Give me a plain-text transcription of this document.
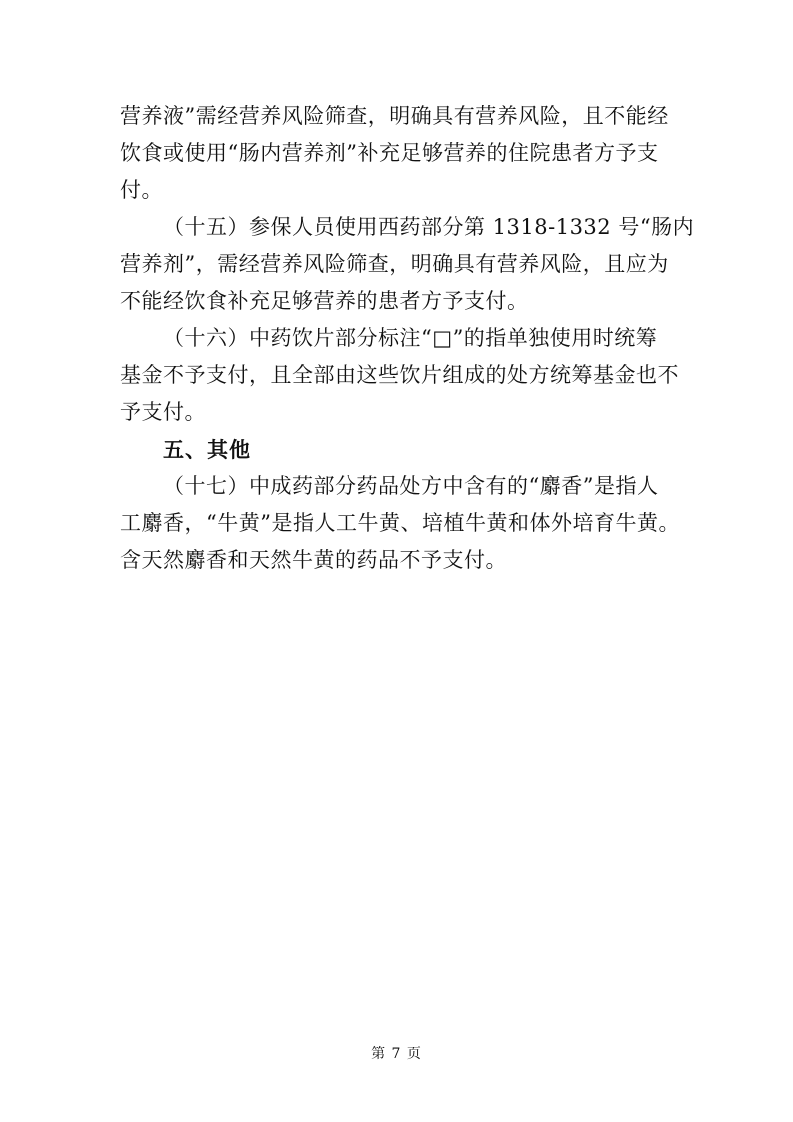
营养液”需经营养风险筛查，明确具有营养风险，且不能经
饮食或使用“肠内营养剂”补充足够营养的住院患者方予支
付。

（十五）参保人员使用西药部分第 1318-1332 号“肠内
营养剂”，需经营养风险筛查，明确具有营养风险，且应为
不能经饮食补充足够营养的患者方予支付。

（十六）中药饮片部分标注“□”的指单独使用时统筹
基金不予支付，且全部由这些饮片组成的处方统筹基金也不
予支付。

五、其他

（十七）中成药部分药品处方中含有的“麝香”是指人
工麝香，“牛黄”是指人工牛黄、培植牛黄和体外培育牛黄。
含天然麝香和天然牛黄的药品不予支付。

第 7 页
